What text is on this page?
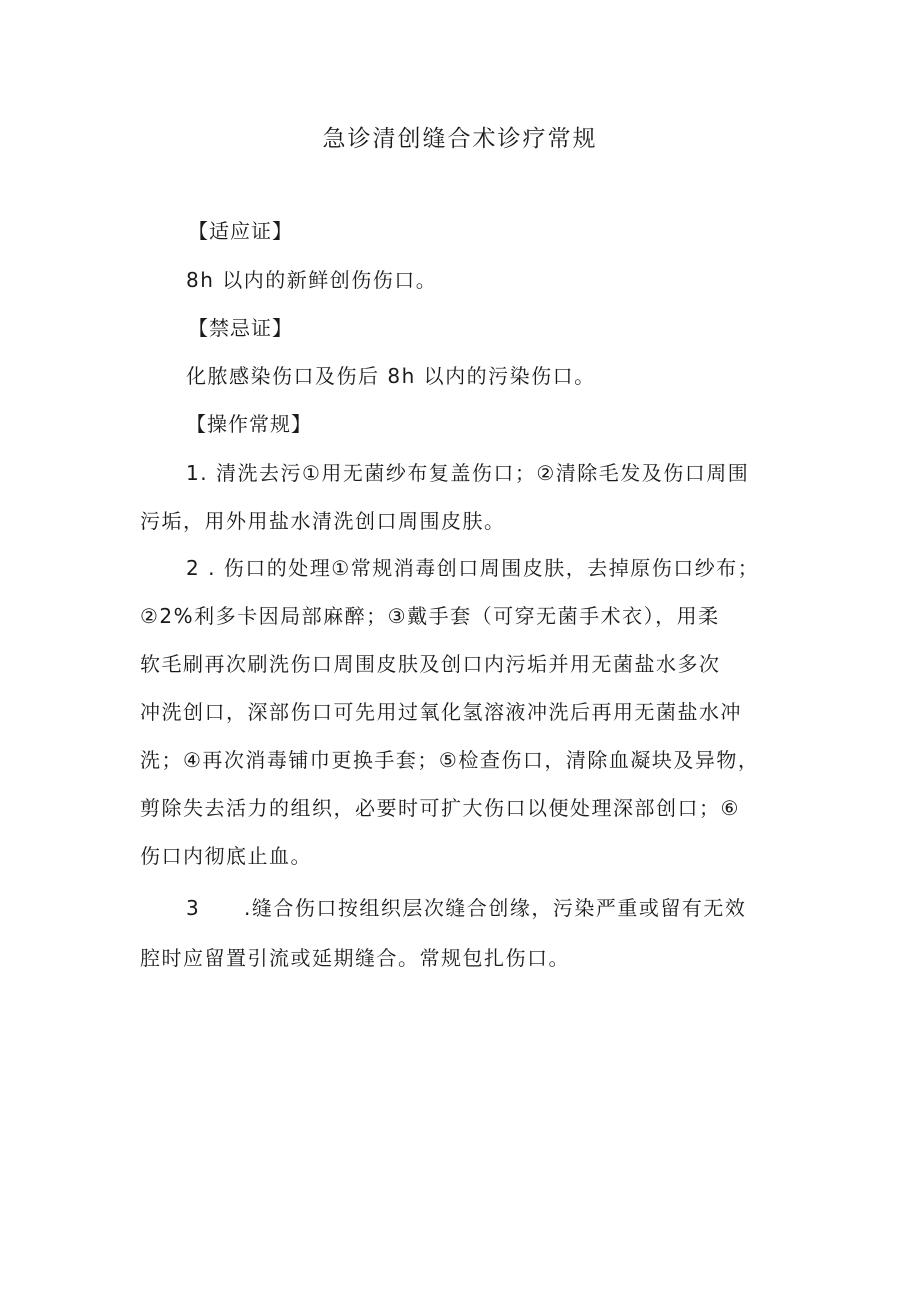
急诊清创缝合术诊疗常规
【适应证】
8h 以内的新鲜创伤伤口。
【禁忌证】
化脓感染伤口及伤后 8h 以内的污染伤口。
【操作常规】
1. 清洗去污①用无菌纱布复盖伤口；②清除毛发及伤口周围
污垢，用外用盐水清洗创口周围皮肤。
2 . 伤口的处理①常规消毒创口周围皮肤，去掉原伤口纱布；
②2%利多卡因局部麻醉；③戴手套（可穿无菌手术衣），用柔
软毛刷再次刷洗伤口周围皮肤及创口内污垢并用无菌盐水多次
冲洗创口，深部伤口可先用过氧化氢溶液冲洗后再用无菌盐水冲
洗；④再次消毒铺巾更换手套；⑤检查伤口，清除血凝块及异物，
剪除失去活力的组织，必要时可扩大伤口以便处理深部创口；⑥
伤口内彻底止血。
3 .缝合伤口按组织层次缝合创缘，污染严重或留有无效
腔时应留置引流或延期缝合。常规包扎伤口。
